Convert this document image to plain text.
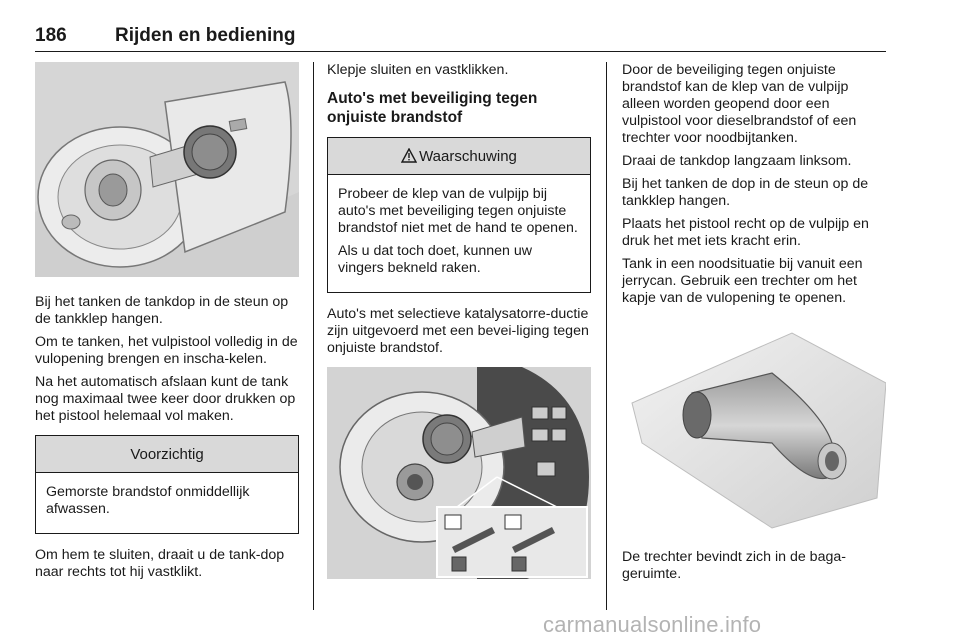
186	Rijden en bediening

Bij het tanken de tankdop in de steun op de tankklep hangen.

Om te tanken, het vulpistool volledig in de vulopening brengen en inscha-kelen.

Na het automatisch afslaan kunt de tank nog maximaal twee keer door drukken op het pistool helemaal vol maken.

Voorzichtig

Gemorste brandstof onmiddellijk afwassen.

Om hem te sluiten, draait u de tank-dop naar rechts tot hij vastklikt.

Klepje sluiten en vastklikken.

Auto's met beveiliging tegen onjuiste brandstof
Waarschuwing

Probeer de klep van de vulpijp bij auto's met beveiliging tegen onjuiste brandstof niet met de hand te openen.

Als u dat toch doet, kunnen uw vingers bekneld raken.

Auto's met selectieve katalysatorre-ductie zijn uitgevoerd met een bevei-liging tegen onjuiste brandstof.

Door de beveiliging tegen onjuiste brandstof kan de klep van de vulpijp alleen worden geopend door een vulpistool voor dieselbrandstof of een trechter voor noodbijtanken.

Draai de tankdop langzaam linksom.

Bij het tanken de dop in de steun op de tankklep hangen.

Plaats het pistool recht op de vulpijp en druk het met iets kracht erin.

Tank in een noodsituatie bij vanuit een jerrycan. Gebruik een trechter om het kapje van de vulopening te openen.

De trechter bevindt zich in de baga-geruimte.

carmanualsonline.info
